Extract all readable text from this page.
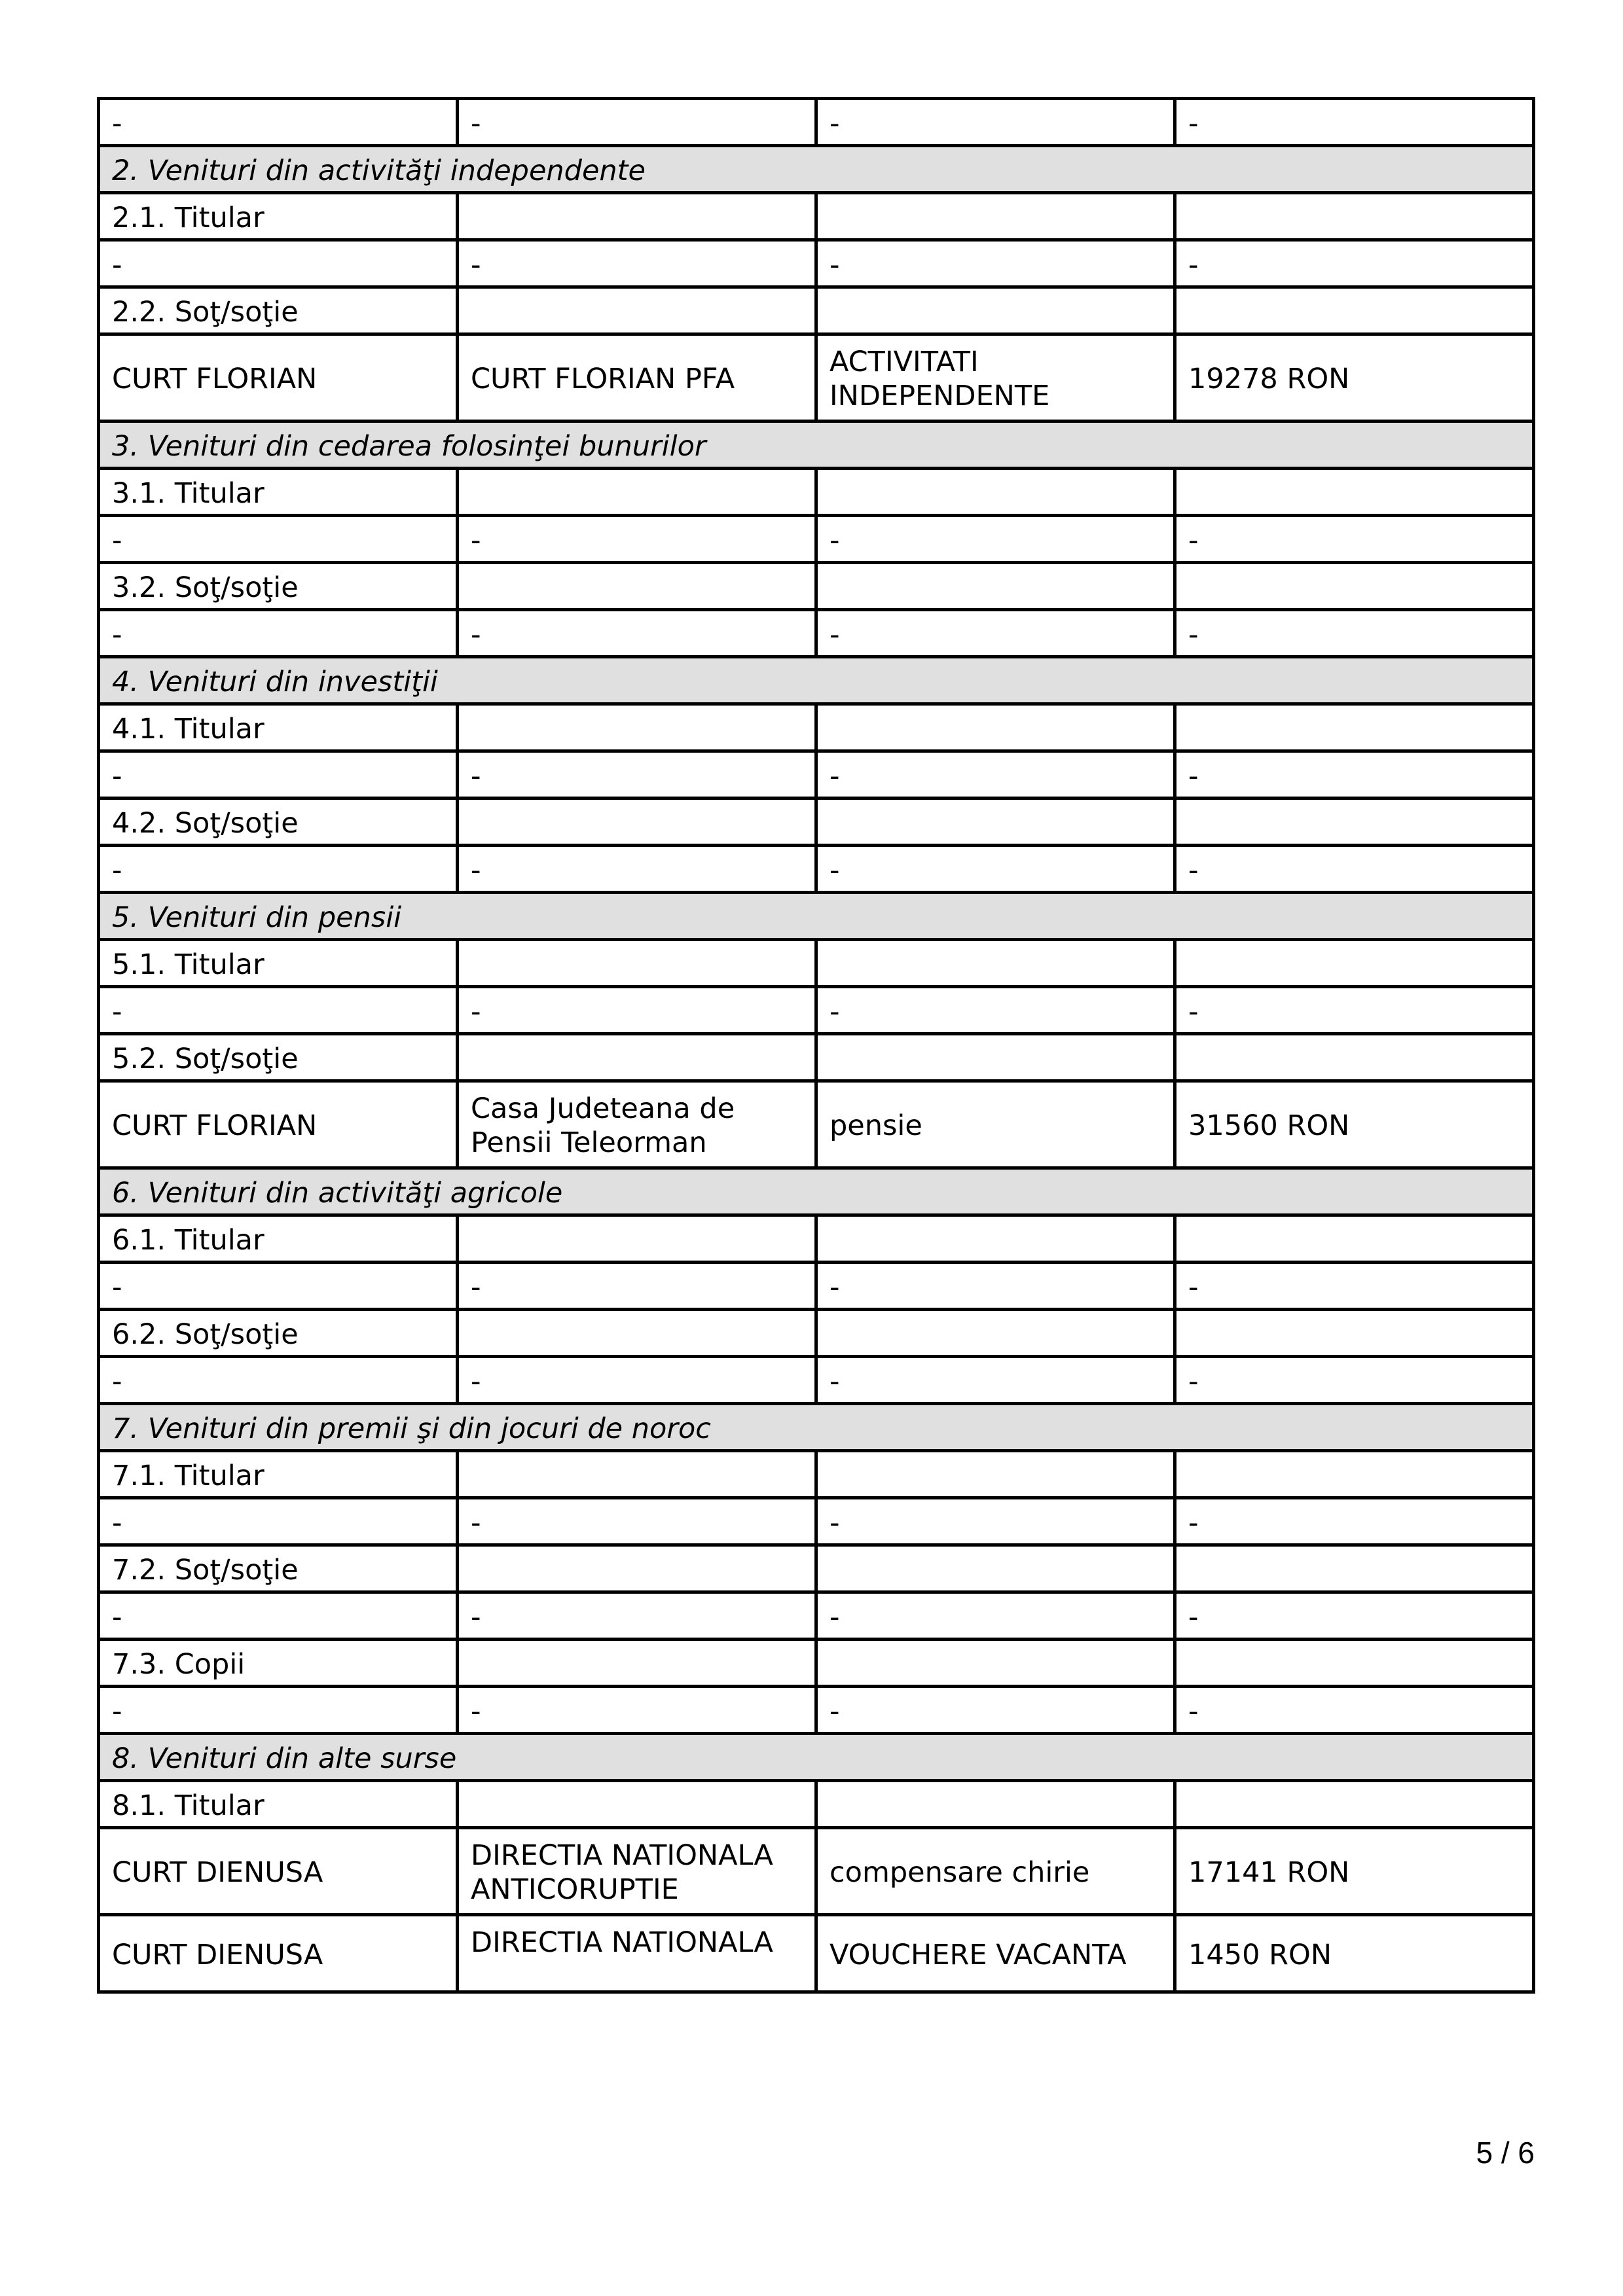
-	-	-	-
2. Venituri din activităţi independente			
2.1. Titular			
-	-	-	-
2.2. Soţ/soţie			
CURT FLORIAN	CURT FLORIAN PFA	ACTIVITATI INDEPENDENTE	19278 RON
3. Venituri din cedarea folosinţei bunurilor			
3.1. Titular			
-	-	-	-
3.2. Soţ/soţie			
-	-	-	-
4. Venituri din investiţii			
4.1. Titular			
-	-	-	-
4.2. Soţ/soţie			
-	-	-	-
5. Venituri din pensii			
5.1. Titular			
-	-	-	-
5.2. Soţ/soţie			
CURT FLORIAN	Casa Judeteana de Pensii Teleorman	pensie	31560 RON
6. Venituri din activităţi agricole			
6.1. Titular			
-	-	-	-
6.2. Soţ/soţie			
-	-	-	-
7. Venituri din premii şi din jocuri de noroc			
7.1. Titular			
-	-	-	-
7.2. Soţ/soţie			
-	-	-	-
7.3. Copii			
-	-	-	-
8. Venituri din alte surse			
8.1. Titular			
CURT DIENUSA	DIRECTIA NATIONALA ANTICORUPTIE	compensare chirie	17141 RON
CURT DIENUSA	DIRECTIA NATIONALA	VOUCHERE VACANTA	1450 RON
5 / 6
